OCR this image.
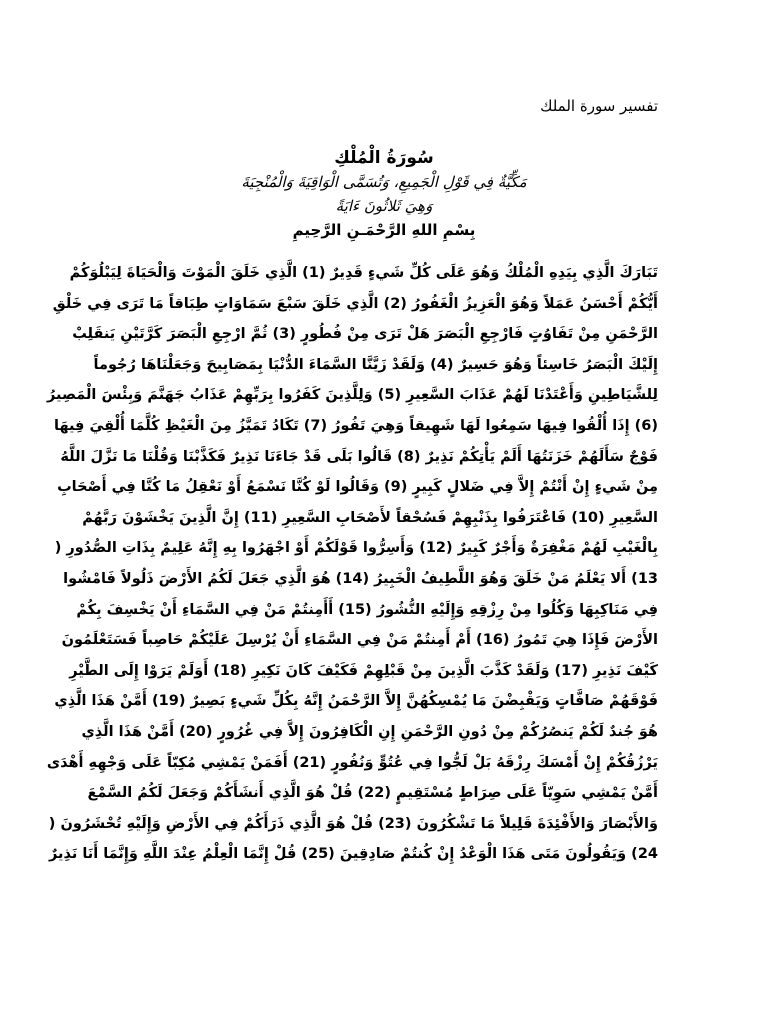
تفسير سورة الملك
سُورَةُ الْمُلْكِ
مَكِّيَّةٌ فِي قَوْلِ الْجَمِيعِ، وَتُسَمَّى الْوَاقِيَةَ وَالْمُنْجِيَةَ
وَهِيَ ثَلاثُونَ ءَايَةً
بِسْمِ اللهِ الرَّحْمَـنِ الرَّحِيمِ
تَبَارَكَ الَّذِي بِيَدِهِ الْمُلْكُ وَهُوَ عَلَى كُلِّ شَيءٍ قَدِيرٌ (1) الَّذِي خَلَقَ الْمَوْتَ وَالْحَيَاةَ لِيَبْلُوَكُمْ
أَيُّكُمْ أَحْسَنُ عَمَلاً وَهُوَ الْعَزِيزُ الْغَفُورُ (2) الَّذِي خَلَقَ سَبْعَ سَمَاوَاتٍ طِبَاقاً مَا تَرَى فِي خَلْقِ
الرَّحْمَنِ مِنْ تَفَاوُتٍ فَارْجِعِ الْبَصَرَ هَلْ تَرَى مِنْ فُطُورٍ (3) ثُمَّ ارْجِعِ الْبَصَرَ كَرَّتَيْنِ يَنقَلِبْ
إِلَيْكَ الْبَصَرُ خَاسِئاً وَهُوَ حَسِيرٌ (4) وَلَقَدْ زَيَّنَّا السَّمَاءَ الدُّنْيَا بِمَصَابِيحَ وَجَعَلْنَاهَا رُجُوماً
لِلشَّيَاطِينِ وَأَعْتَدْنَا لَهُمْ عَذَابَ السَّعِيرِ (5) وَلِلَّذِينَ كَفَرُوا بِرَبِّهِمْ عَذَابُ جَهَنَّمَ وَبِئْسَ الْمَصِيرُ
(6) إِذَا أُلْقُوا فِيهَا سَمِعُوا لَهَا شَهِيقاً وَهِيَ تَفُورُ (7) تَكَادُ تَمَيَّزُ مِنَ الْغَيْظِ كُلَّمَا أُلْقِيَ فِيهَا
فَوْجٌ سَأَلَهُمْ خَزَنَتُهَا أَلَمْ يَأْتِكُمْ نَذِيرٌ (8) قَالُوا بَلَى قَدْ جَاءَنَا نَذِيرٌ فَكَذَّبْنَا وَقُلْنَا مَا نَزَّلَ اللَّهُ
مِنْ شَيءٍ إِنْ أَنْتُمْ إِلاَّ فِي ضَلالٍ كَبِيرٍ (9) وَقَالُوا لَوْ كُنَّا نَسْمَعُ أَوْ نَعْقِلُ مَا كُنَّا فِي أَصْحَابِ
السَّعِيرِ (10) فَاعْتَرَفُوا بِذَنْبِهِمْ فَسُحْقاً لأَصْحَابِ السَّعِيرِ (11) إِنَّ الَّذِينَ يَخْشَوْنَ رَبَّهُمْ
بِالْغَيْبِ لَهُمْ مَغْفِرَةٌ وَأَجْرٌ كَبِيرٌ (12) وَأَسِرُّوا قَوْلَكُمْ أَوْ اجْهَرُوا بِهِ إِنَّهُ عَلِيمٌ بِذَاتِ الصُّدُورِ (
13) أَلا يَعْلَمُ مَنْ خَلَقَ وَهُوَ اللَّطِيفُ الْخَبِيرُ (14) هُوَ الَّذِي جَعَلَ لَكُمُ الأَرْضَ ذَلُولاً فَامْشُوا
فِي مَنَاكِبِهَا وَكُلُوا مِنْ رِزْقِهِ وَإِلَيْهِ النُّشُورُ (15) أَأَمِنتُمْ مَنْ فِي السَّمَاءِ أَنْ يَخْسِفَ بِكُمْ
الأَرْضَ فَإِذَا هِيَ تَمُورُ (16) أَمْ أَمِنتُمْ مَنْ فِي السَّمَاءِ أَنْ يُرْسِلَ عَلَيْكُمْ حَاصِباً فَسَتَعْلَمُونَ
كَيْفَ نَذِيرِ (17) وَلَقَدْ كَذَّبَ الَّذِينَ مِنْ قَبْلِهِمْ فَكَيْفَ كَانَ نَكِيرِ (18) أَوَلَمْ يَرَوْا إِلَى الطَّيْرِ
فَوْقَهُمْ صَافَّاتٍ وَيَقْبِضْنَ مَا يُمْسِكُهُنَّ إِلاَّ الرَّحْمَنُ إِنَّهُ بِكُلِّ شَيءٍ بَصِيرٌ (19) أَمَّنْ هَذَا الَّذِي
هُوَ جُندٌ لَكُمْ يَنصُرُكُمْ مِنْ دُونِ الرَّحْمَنِ إِنِ الْكَافِرُونَ إِلاَّ فِي غُرُورٍ (20) أَمَّنْ هَذَا الَّذِي
يَرْزُقُكُمْ إِنْ أَمْسَكَ رِزْقَهُ بَلْ لَجُّوا فِي عُتُوٍّ وَنُفُورٍ (21) أَفَمَنْ يَمْشِي مُكِبّاً عَلَى وَجْهِهِ أَهْدَى
أَمَّنْ يَمْشِي سَوِيّاً عَلَى صِرَاطٍ مُسْتَقِيمٍ (22) قُلْ هُوَ الَّذِي أَنشَأَكُمْ وَجَعَلَ لَكُمُ السَّمْعَ
وَالأَبْصَارَ وَالأَفْئِدَةَ قَلِيلاً مَا تَشْكُرُونَ (23) قُلْ هُوَ الَّذِي ذَرَأَكُمْ فِي الأَرْضِ وَإِلَيْهِ تُحْشَرُونَ (
24) وَيَقُولُونَ مَتَى هَذَا الْوَعْدُ إِنْ كُنتُمْ صَادِقِينَ (25) قُلْ إِنَّمَا الْعِلْمُ عِنْدَ اللَّهِ وَإِنَّمَا أَنَا نَذِيرٌ
